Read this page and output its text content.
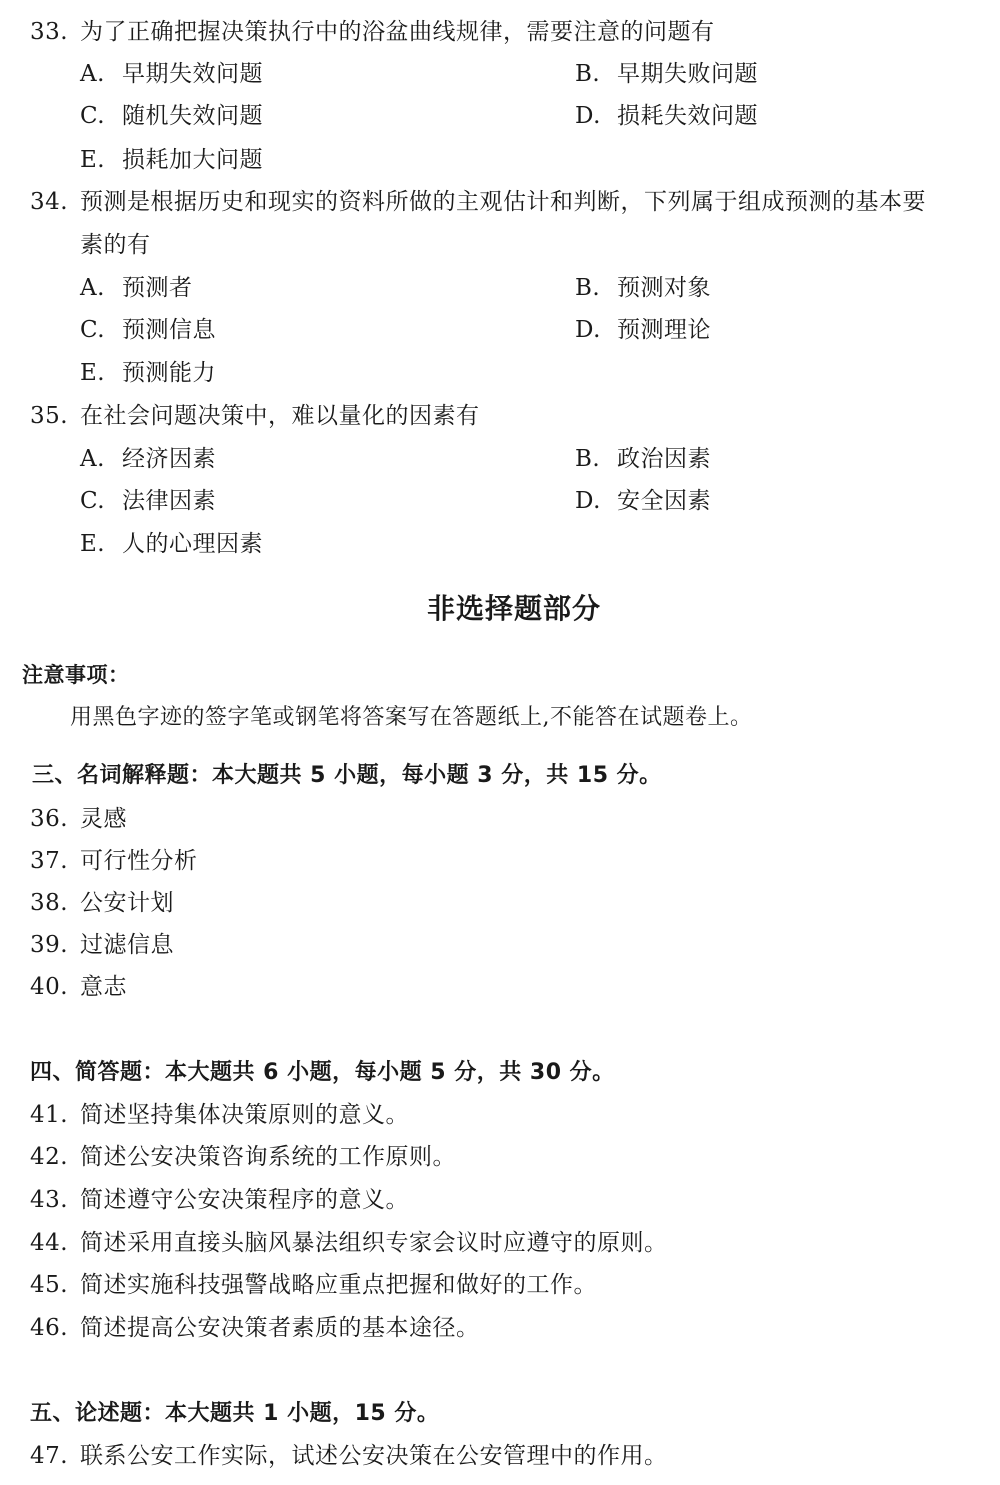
33. 为了正确把握决策执行中的浴盆曲线规律，需要注意的问题有
A. 早期失效问题	B. 早期失败问题
C. 随机失效问题	D. 损耗失效问题
E. 损耗加大问题
34. 预测是根据历史和现实的资料所做的主观估计和判断，下列属于组成预测的基本要
素的有
A. 预测者	B. 预测对象
C. 预测信息	D. 预测理论
E. 预测能力
35. 在社会问题决策中，难以量化的因素有
A. 经济因素	B. 政治因素
C. 法律因素	D. 安全因素
E. 人的心理因素
非选择题部分
注意事项：
用黑色字迹的签字笔或钢笔将答案写在答题纸上,不能答在试题卷上。
三、名词解释题：本大题共 5 小题，每小题 3 分，共 15 分。
36. 灵感
37. 可行性分析
38. 公安计划
39. 过滤信息
40. 意志
四、简答题：本大题共 6 小题，每小题 5 分，共 30 分。
41. 简述坚持集体决策原则的意义。
42. 简述公安决策咨询系统的工作原则。
43. 简述遵守公安决策程序的意义。
44. 简述采用直接头脑风暴法组织专家会议时应遵守的原则。
45. 简述实施科技强警战略应重点把握和做好的工作。
46. 简述提高公安决策者素质的基本途径。
五、论述题：本大题共 1 小题，15 分。
47. 联系公安工作实际，试述公安决策在公安管理中的作用。
